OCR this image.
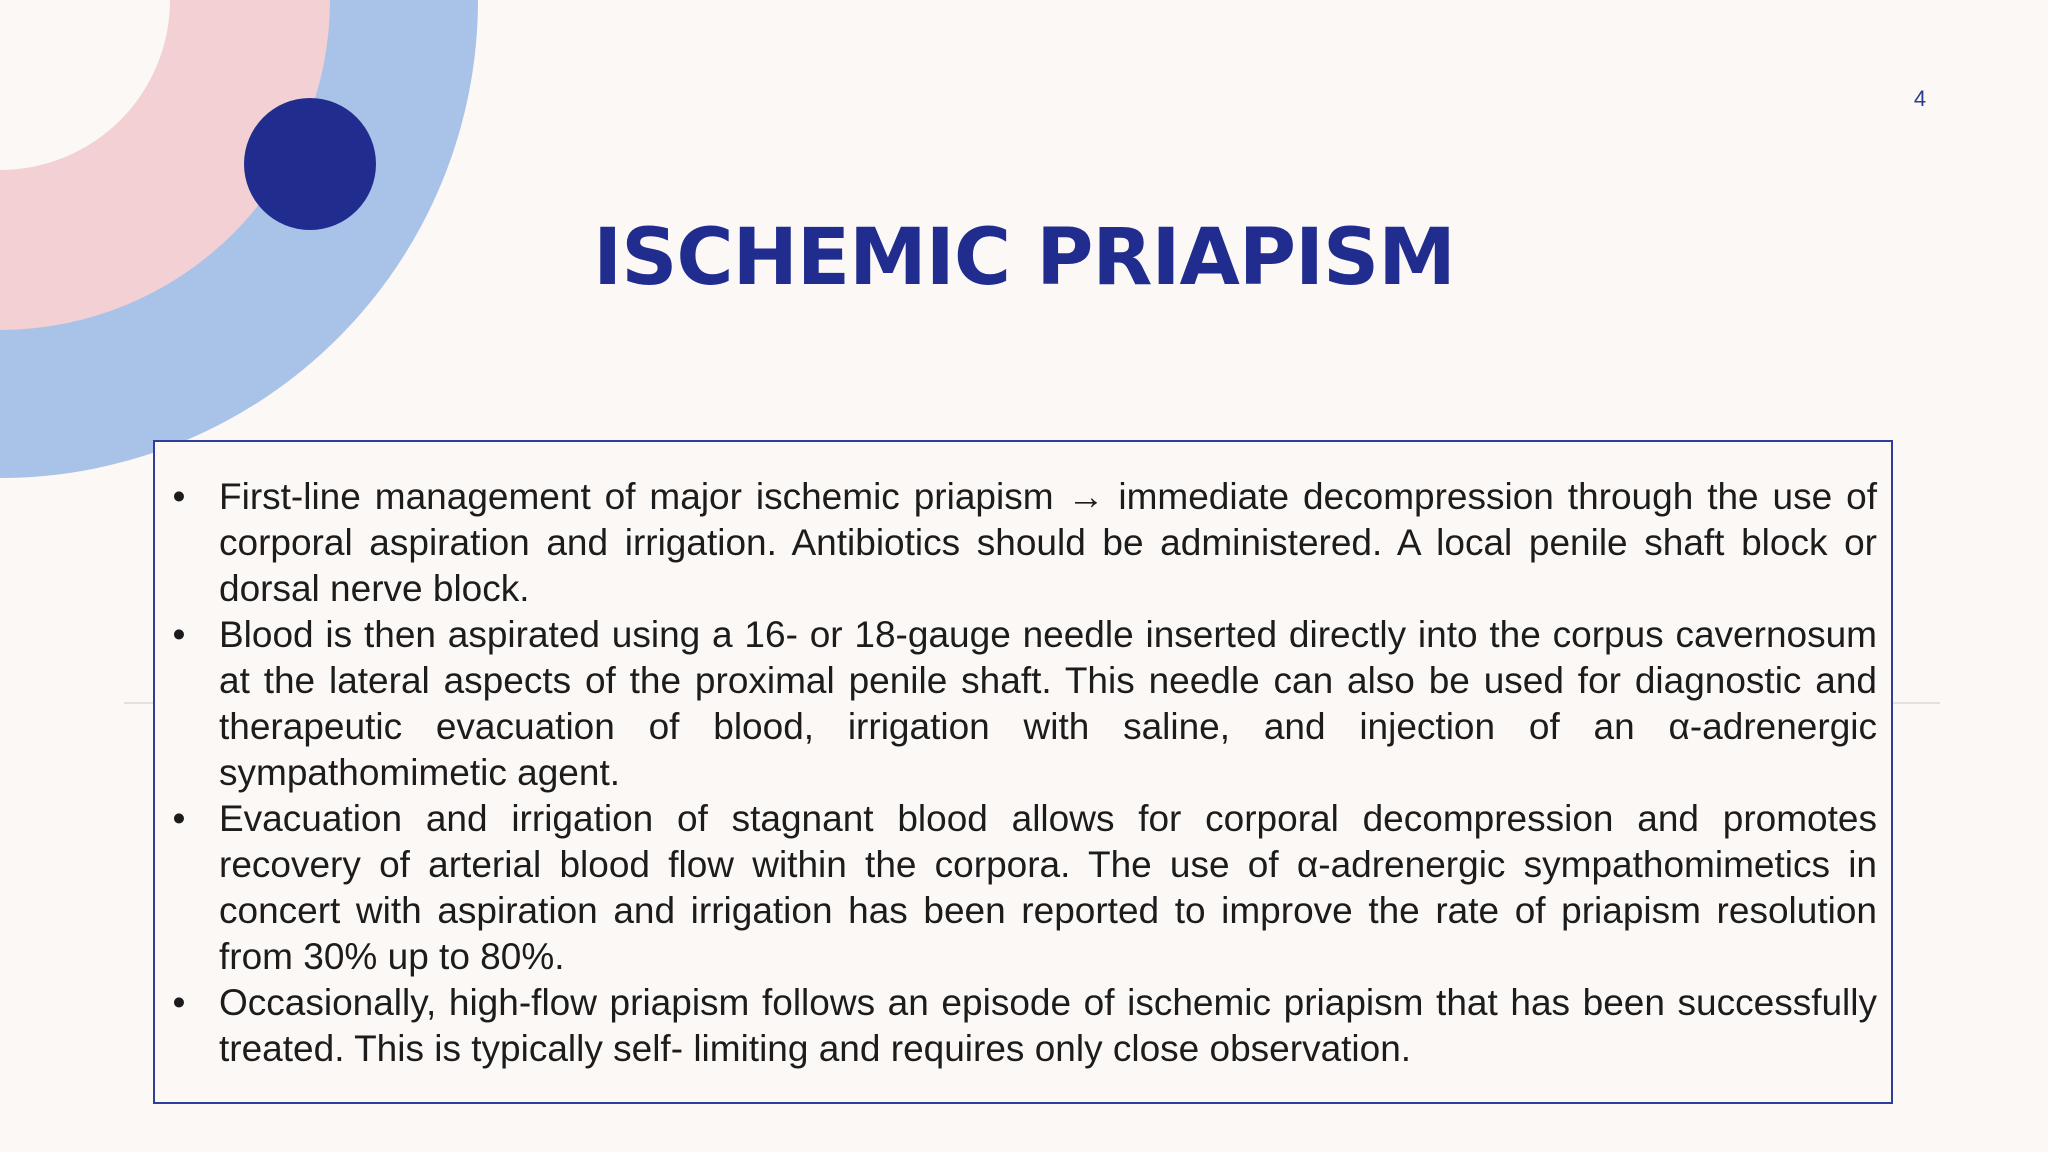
4
ISCHEMIC PRIAPISM
• First-line management of major ischemic priapism → immediate decompression through the use of corporal aspiration and irrigation. Antibiotics should be administered. A local penile shaft block or dorsal nerve block.
• Blood is then aspirated using a 16- or 18-gauge needle inserted directly into the corpus cavernosum at the lateral aspects of the proximal penile shaft. This needle can also be used for diagnostic and therapeutic evacuation of blood, irrigation with saline, and injection of an α-adrenergic sympathomimetic agent.
• Evacuation and irrigation of stagnant blood allows for corporal decompression and promotes recovery of arterial blood flow within the corpora. The use of α-adrenergic sympathomimetics in concert with aspiration and irrigation has been reported to improve the rate of priapism resolution from 30% up to 80%.
• Occasionally, high-flow priapism follows an episode of ischemic priapism that has been successfully treated. This is typically self- limiting and requires only close observation.
